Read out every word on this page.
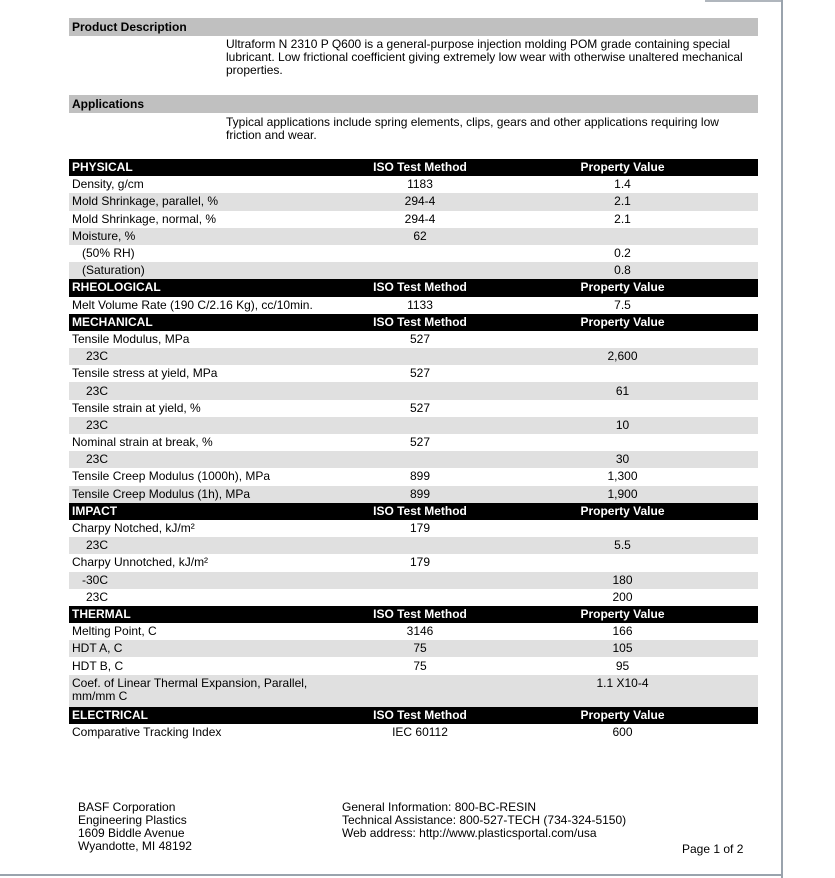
Product Description
Ultraform N 2310 P Q600 is a general-purpose injection molding POM grade containing special lubricant. Low frictional coefficient giving extremely low wear with otherwise unaltered mechanical properties.
Applications
Typical applications include spring elements, clips, gears and other applications requiring low friction and wear.
PHYSICAL	ISO Test Method	Property Value
Density, g/cm	1183	1.4
Mold Shrinkage, parallel, %	294-4	2.1
Mold Shrinkage, normal, %	294-4	2.1
Moisture, %	62	
(50% RH)		0.2
(Saturation)		0.8
RHEOLOGICAL	ISO Test Method	Property Value
Melt Volume Rate (190 C/2.16 Kg), cc/10min.	1133	7.5
MECHANICAL	ISO Test Method	Property Value
Tensile Modulus, MPa	527	
23C		2,600
Tensile stress at yield, MPa	527	
23C		61
Tensile strain at yield, %	527	
23C		10
Nominal strain at break, %	527	
23C		30
Tensile Creep Modulus (1000h), MPa	899	1,300
Tensile Creep Modulus (1h), MPa	899	1,900
IMPACT	ISO Test Method	Property Value
Charpy Notched, kJ/m²	179	
23C		5.5
Charpy Unnotched, kJ/m²	179	
-30C		180
23C		200
THERMAL	ISO Test Method	Property Value
Melting Point, C	3146	166
HDT A, C	75	105
HDT B, C	75	95
Coef. of Linear Thermal Expansion, Parallel, mm/mm C		1.1 X10-4
ELECTRICAL	ISO Test Method	Property Value
Comparative Tracking Index	IEC 60112	600
BASF Corporation
Engineering Plastics
1609 Biddle Avenue
Wyandotte, MI 48192
General Information: 800-BC-RESIN
Technical Assistance: 800-527-TECH (734-324-5150)
Web address: http://www.plasticsportal.com/usa
Page 1 of 2
